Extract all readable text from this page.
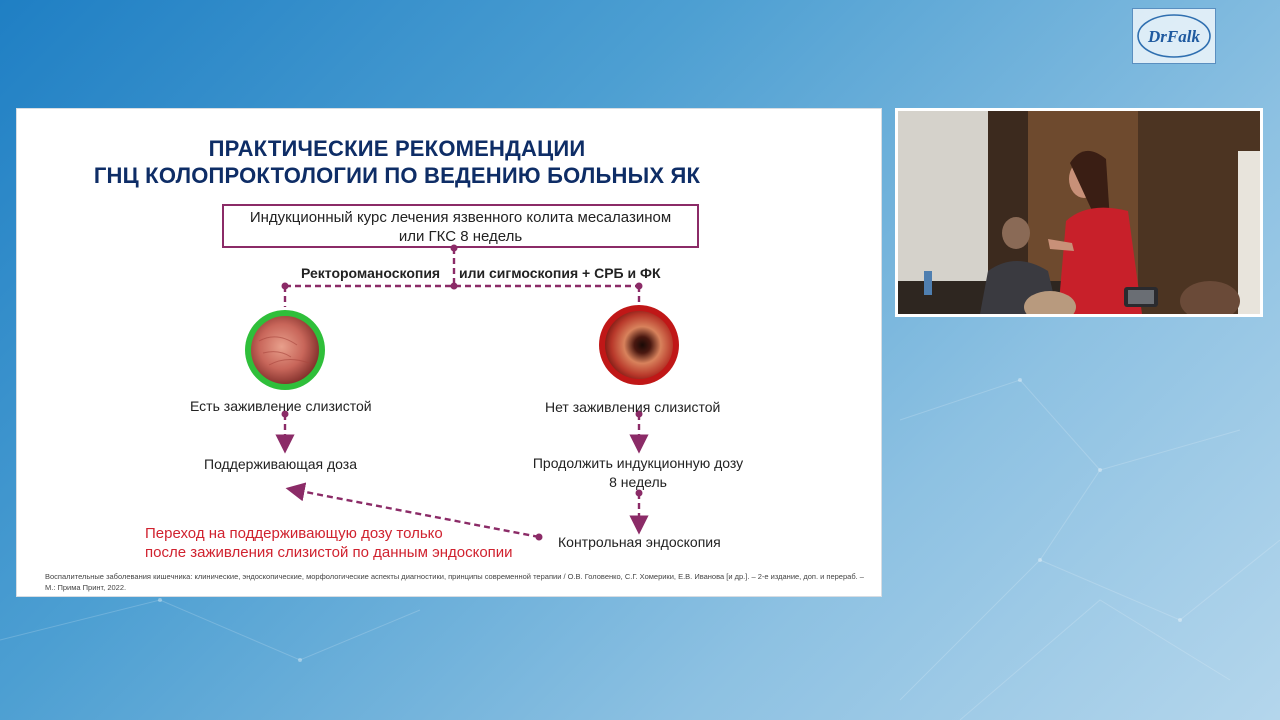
DrFalk
ПРАКТИЧЕСКИЕ РЕКОМЕНДАЦИИ
ГНЦ КОЛОПРОКТОЛОГИИ ПО ВЕДЕНИЮ БОЛЬНЫХ ЯК
Индукционный курс лечения язвенного колита месалазином
или ГКС 8 недель
Ректороманоскопия или сигмоскопия + СРБ и ФК
Есть заживление слизистой
Поддерживающая доза
Нет заживления слизистой
Продолжить индукционную дозу
8 недель
Контрольная эндоскопия
Переход на поддерживающую дозу только
после заживления слизистой по данным эндоскопии
Воспалительные заболевания кишечника: клинические, эндоскопические, морфологические аспекты диагностики, принципы современной терапии / О.В. Головенко, С.Г. Хомерики, Е.В. Иванова [и др.]. – 2-е издание, доп. и перераб. – М.: Прима Принт, 2022.
